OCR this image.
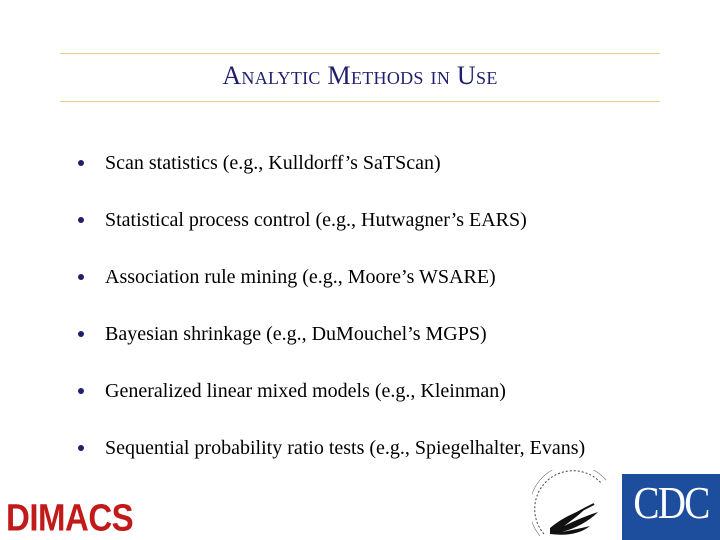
Analytic Methods in Use
Scan statistics (e.g., Kulldorff’s SaTScan)
Statistical process control (e.g., Hutwagner’s EARS)
Association rule mining (e.g., Moore’s WSARE)
Bayesian shrinkage (e.g., DuMouchel’s MGPS)
Generalized linear mixed models (e.g., Kleinman)
Sequential probability ratio tests (e.g., Spiegelhalter, Evans)
DIMACS	CDC
